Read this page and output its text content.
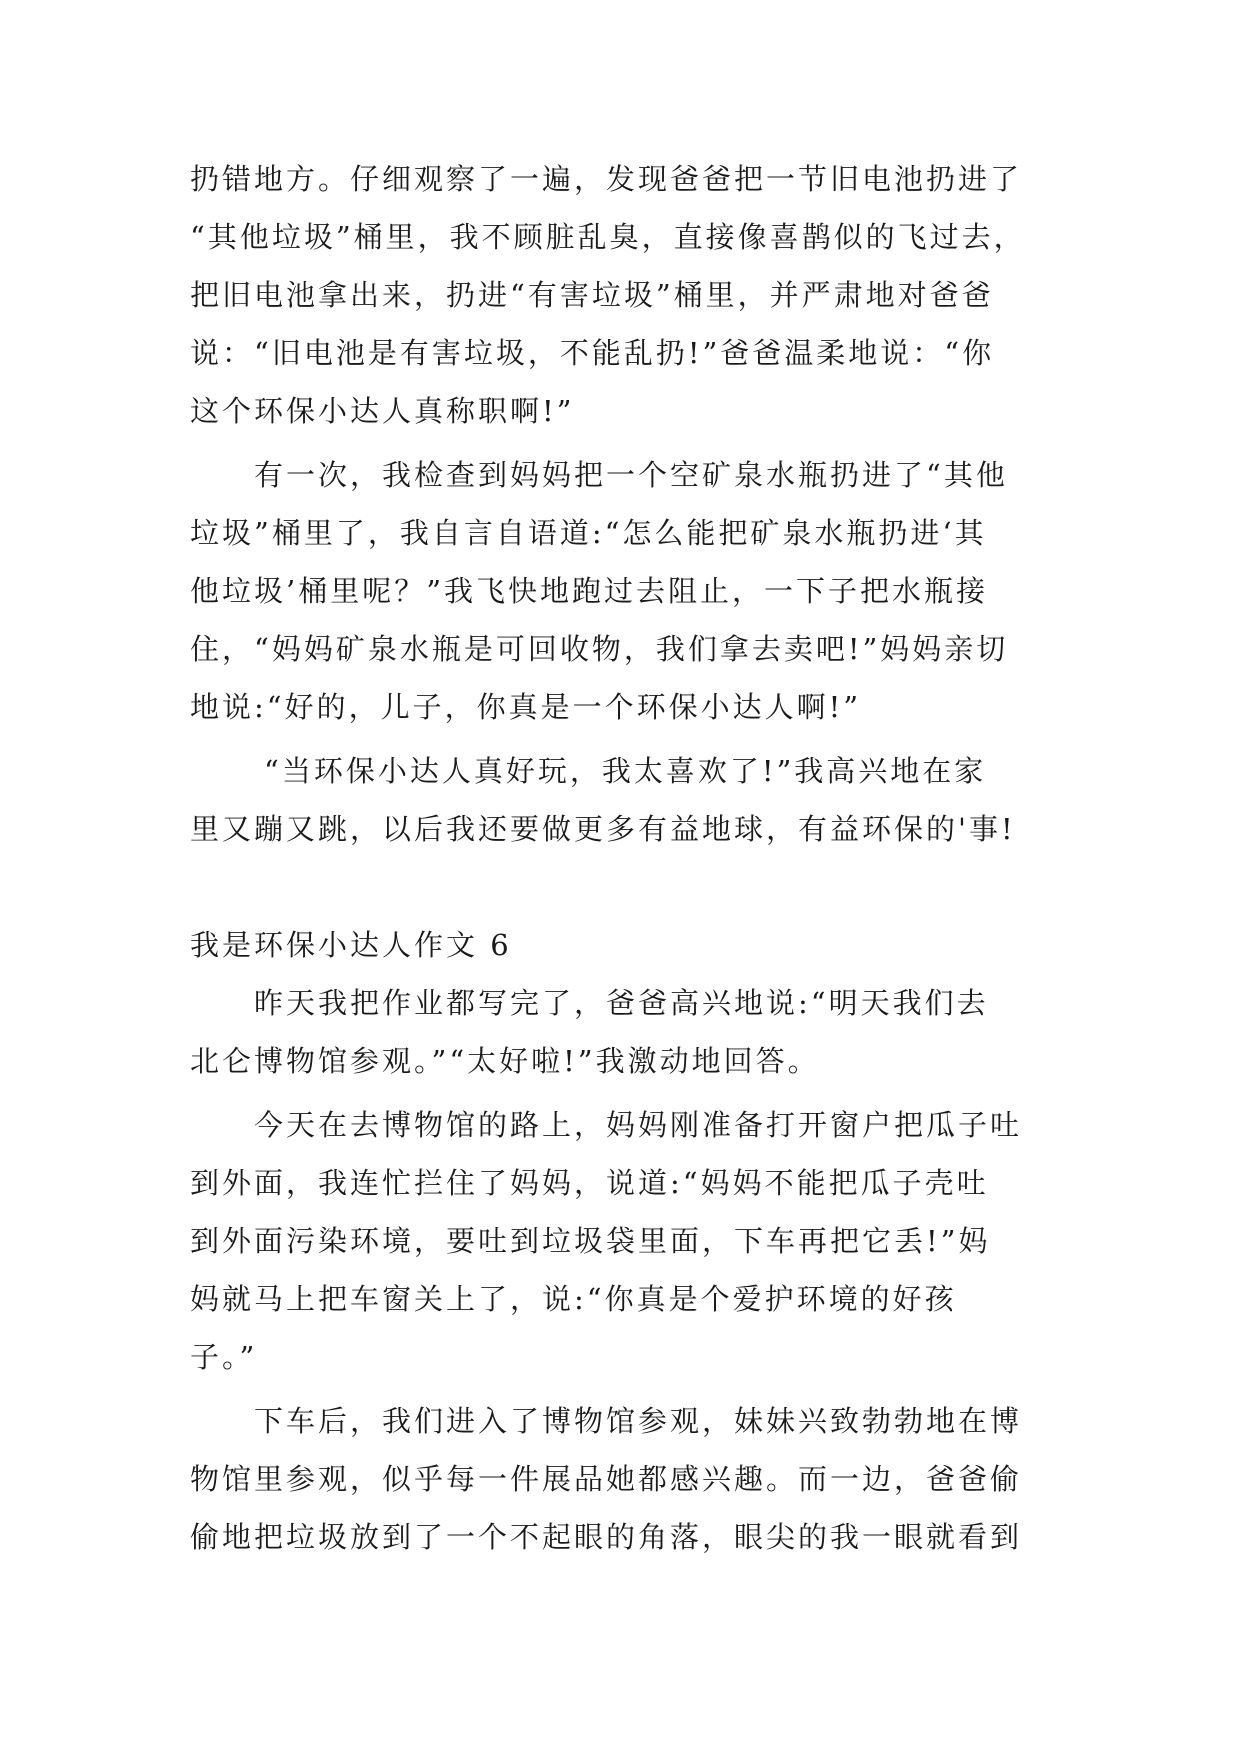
扔错地方。仔细观察了一遍，发现爸爸把一节旧电池扔进了
“其他垃圾”桶里，我不顾脏乱臭，直接像喜鹊似的飞过去，
把旧电池拿出来，扔进“有害垃圾”桶里，并严肃地对爸爸
说：“旧电池是有害垃圾，不能乱扔!”爸爸温柔地说：“你
这个环保小达人真称职啊!”
有一次，我检查到妈妈把一个空矿泉水瓶扔进了“其他
垃圾”桶里了，我自言自语道:“怎么能把矿泉水瓶扔进‘其
他垃圾’桶里呢？”我飞快地跑过去阻止，一下子把水瓶接
住，“妈妈矿泉水瓶是可回收物，我们拿去卖吧!”妈妈亲切
地说:“好的，儿子，你真是一个环保小达人啊!”
“当环保小达人真好玩，我太喜欢了!”我高兴地在家
里又蹦又跳，以后我还要做更多有益地球，有益环保的'事!
我是环保小达人作文 6
昨天我把作业都写完了，爸爸高兴地说:“明天我们去
北仑博物馆参观。”“太好啦!”我激动地回答。
今天在去博物馆的路上，妈妈刚准备打开窗户把瓜子吐
到外面，我连忙拦住了妈妈，说道:“妈妈不能把瓜子壳吐
到外面污染环境，要吐到垃圾袋里面，下车再把它丢!”妈
妈就马上把车窗关上了，说:“你真是个爱护环境的好孩
子。”
下车后，我们进入了博物馆参观，妹妹兴致勃勃地在博
物馆里参观，似乎每一件展品她都感兴趣。而一边，爸爸偷
偷地把垃圾放到了一个不起眼的角落，眼尖的我一眼就看到
